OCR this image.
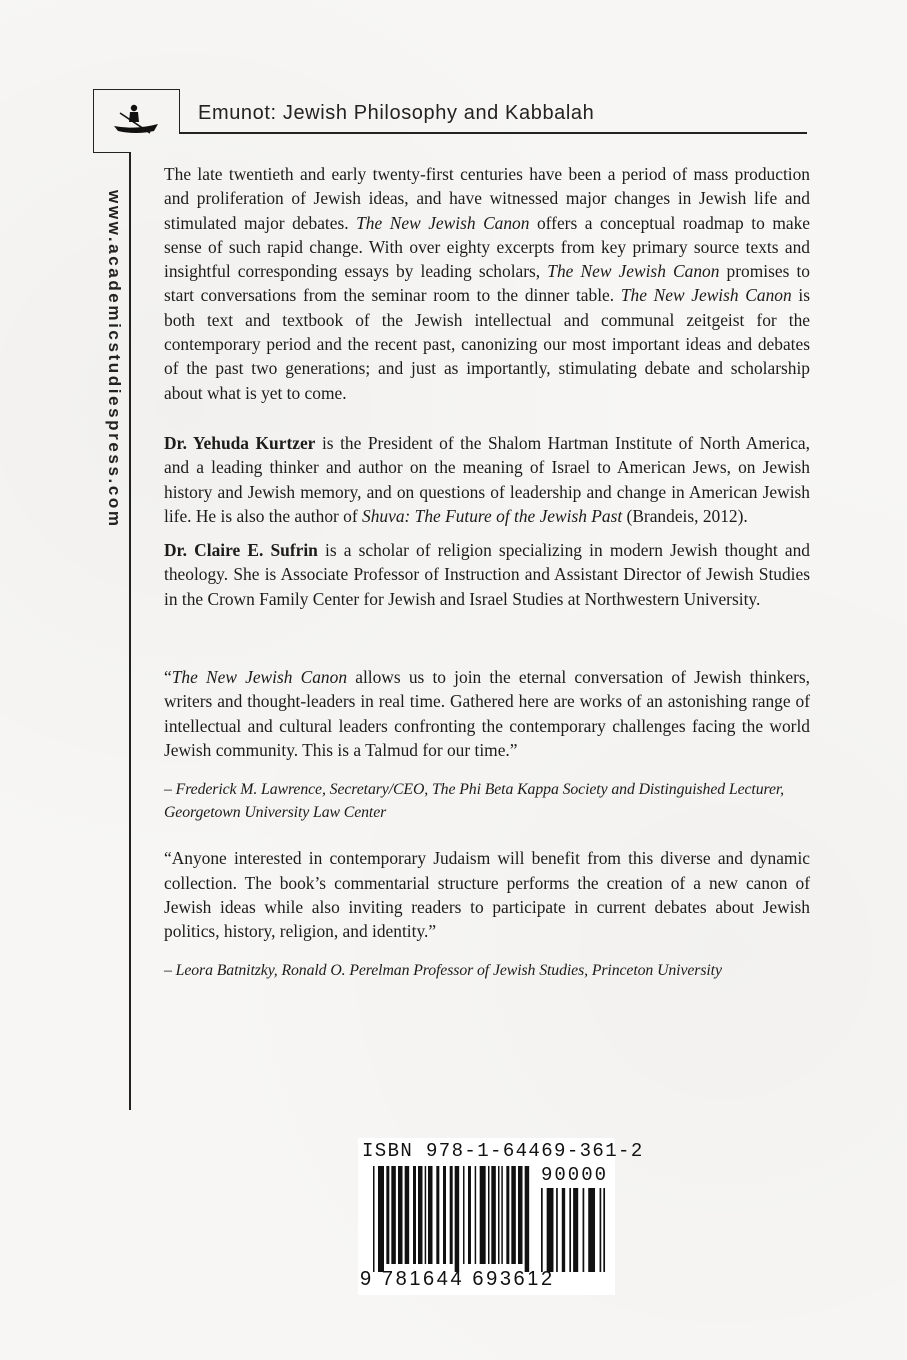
Emunot: Jewish Philosophy and Kabbalah
www.academicstudiespress.com

The late twentieth and early twenty-first centuries have been a period of mass production and proliferation of Jewish ideas, and have witnessed major changes in Jewish life and stimulated major debates. The New Jewish Canon offers a conceptual roadmap to make sense of such rapid change. With over eighty excerpts from key primary source texts and insightful corresponding essays by leading scholars, The New Jewish Canon promises to start conversations from the seminar room to the dinner table. The New Jewish Canon is both text and textbook of the Jewish intellectual and communal zeitgeist for the contemporary period and the recent past, canonizing our most important ideas and debates of the past two generations; and just as importantly, stimulating debate and scholarship about what is yet to come.

Dr. Yehuda Kurtzer is the President of the Shalom Hartman Institute of North America, and a leading thinker and author on the meaning of Israel to American Jews, on Jewish history and Jewish memory, and on questions of leadership and change in American Jewish life. He is also the author of Shuva: The Future of the Jewish Past (Brandeis, 2012).

Dr. Claire E. Sufrin is a scholar of religion specializing in modern Jewish thought and theology. She is Associate Professor of Instruction and Assistant Director of Jewish Studies in the Crown Family Center for Jewish and Israel Studies at Northwestern University.

“The New Jewish Canon allows us to join the eternal conversation of Jewish thinkers, writers and thought-leaders in real time. Gathered here are works of an astonishing range of intellectual and cultural leaders confronting the contemporary challenges facing the world Jewish community. This is a Talmud for our time.”

– Frederick M. Lawrence, Secretary/CEO, The Phi Beta Kappa Society and Distinguished Lecturer, Georgetown University Law Center

“Anyone interested in contemporary Judaism will benefit from this diverse and dynamic collection. The book’s commentarial structure performs the creation of a new canon of Jewish ideas while also inviting readers to participate in current debates about Jewish politics, history, religion, and identity.”

– Leora Batnitzky, Ronald O. Perelman Professor of Jewish Studies, Princeton University

ISBN 978-1-64469-361-2
90000
9 781644 693612
